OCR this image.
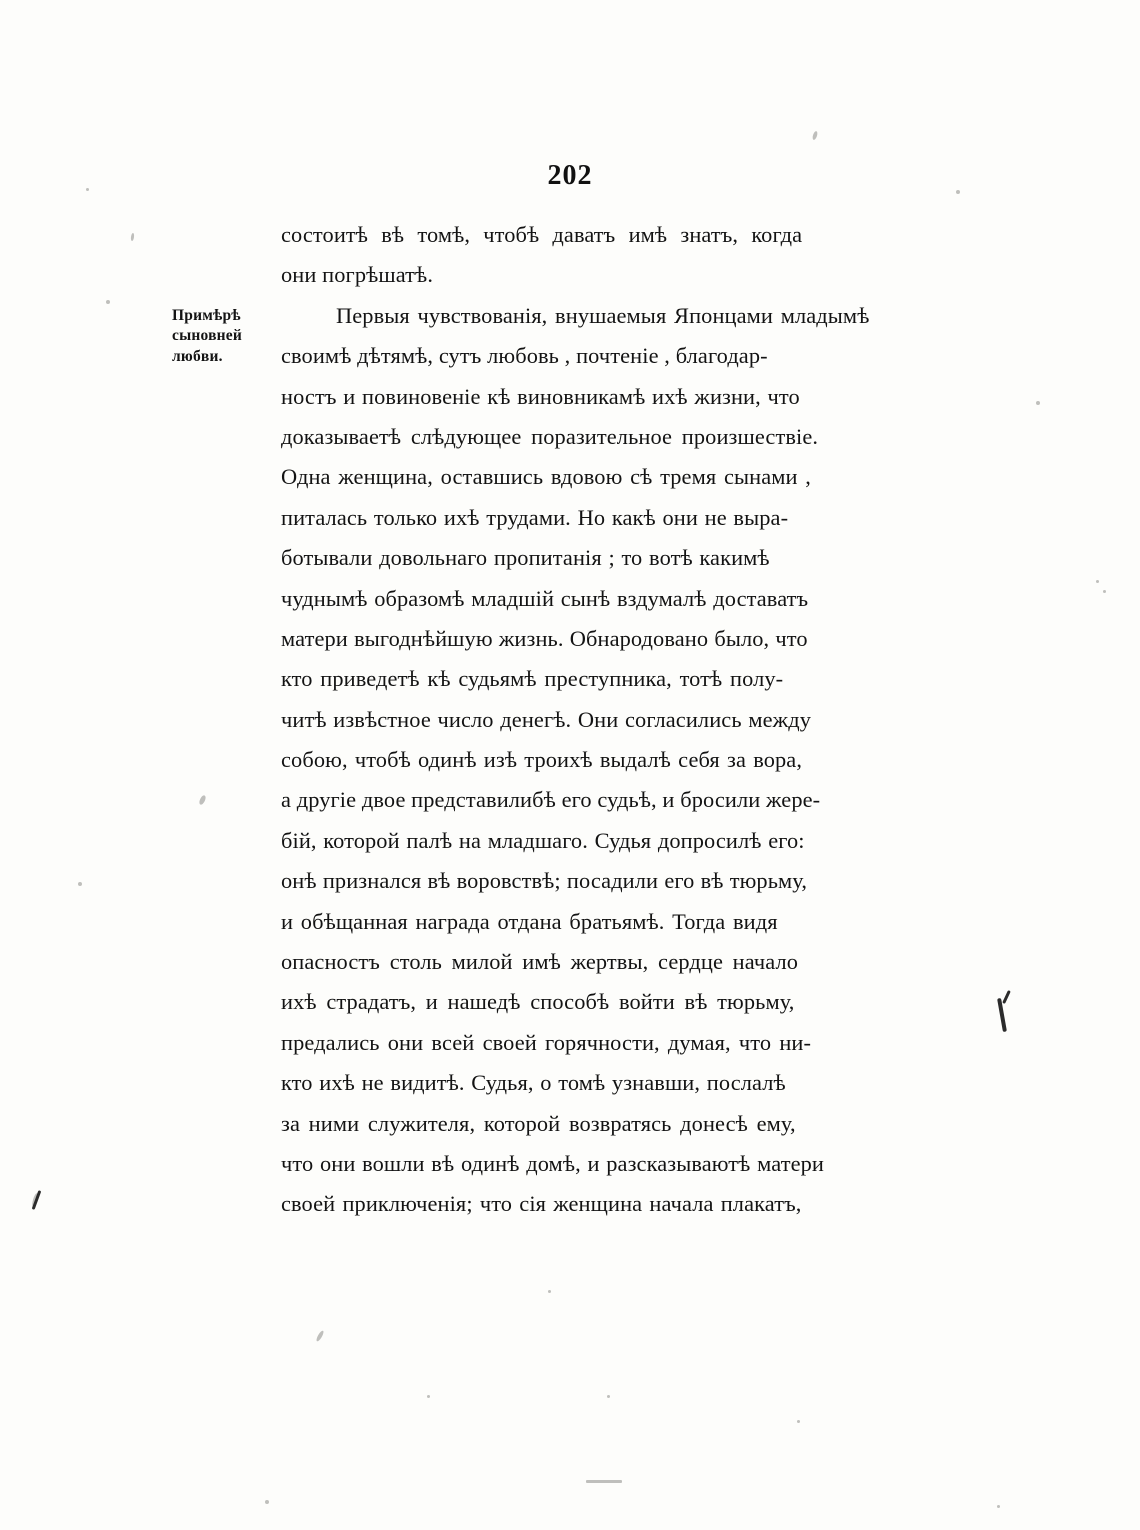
202
Примѣрѣ
сыновней
любви.
состоитѣ вѣ томѣ, чтобѣ даватъ имѣ знатъ, когда
они погрѣшатѣ.
Первыя чувствованія, внушаемыя Японцами младымѣ
своимѣ дѣтямѣ, сутъ любовь , почтеніе , благодар-
ностъ и повиновеніе кѣ виновникамѣ ихѣ жизни, что
доказываетѣ слѣдующее поразительное произшествіе.
Одна женщина, оставшись вдовою сѣ тремя сынами ,
питалась только ихѣ трудами. Но какѣ они не выра-
ботывали довольнаго пропитанія ; то вотѣ какимѣ
чуднымѣ образомѣ младшій сынѣ вздумалѣ доставатъ
матери выгоднѣйшую жизнь. Обнародовано было, что
кто приведетѣ кѣ судьямѣ преступника, тотѣ полу-
читѣ извѣстное число денегѣ. Они согласились между
собою, чтобѣ одинѣ изѣ троихѣ выдалѣ себя за вора,
а другіе двое представилибѣ его судьѣ, и бросили жере-
бій, которой палѣ на младшаго. Судья допросилѣ его:
онѣ признался вѣ воровствѣ; посадили его вѣ тюрьму,
и обѣщанная награда отдана братьямѣ. Тогда видя
опасностъ столь милой имѣ жертвы, сердце начало
ихѣ страдатъ, и нашедѣ способѣ войти вѣ тюрьму,
предались они всей своей горячности, думая, что ни-
кто ихѣ не видитѣ. Судья, о томѣ узнавши, послалѣ
за ними служителя, которой возвратясь донесѣ ему,
что они вошли вѣ одинѣ домѣ, и разсказываютѣ матери
своей приключенія; что сія женщина начала плакатъ,
